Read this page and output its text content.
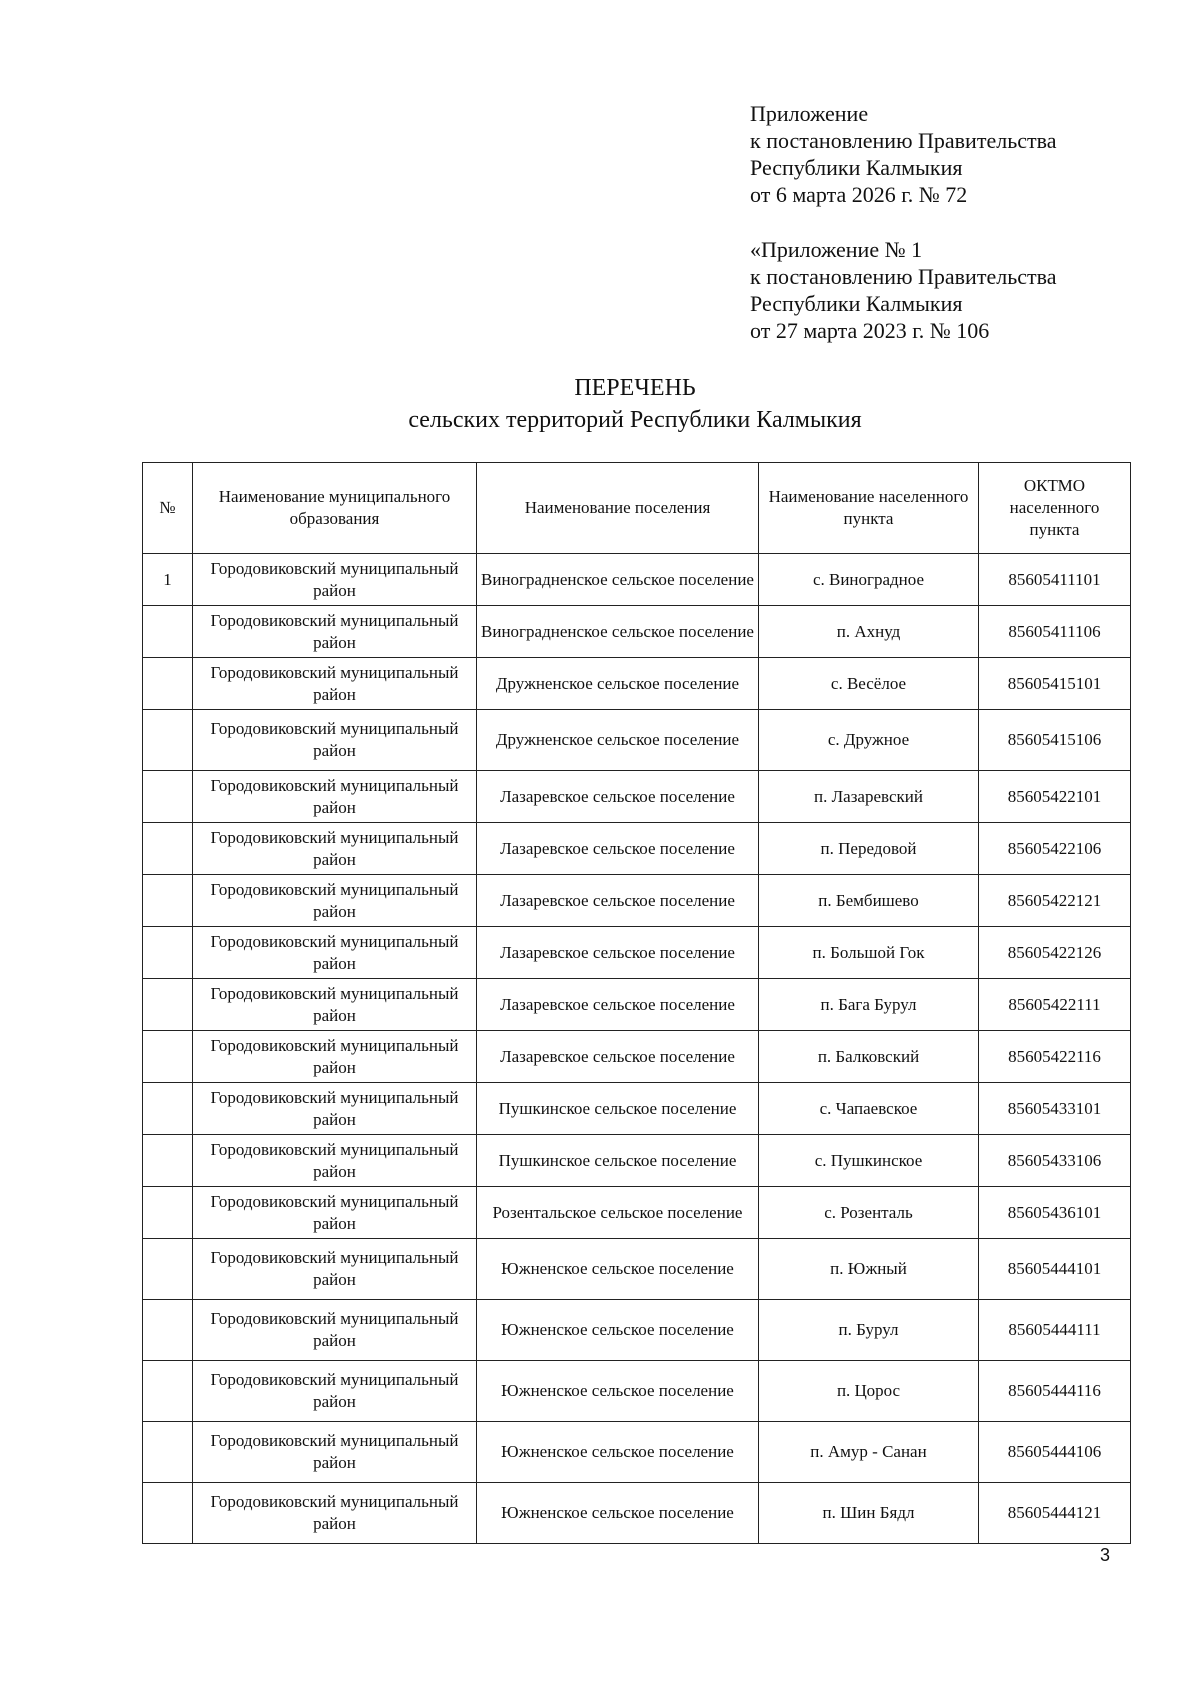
Приложение
к постановлению Правительства
Республики Калмыкия
от 6 марта 2026 г. № 72
«Приложение № 1
к постановлению Правительства
Республики Калмыкия
от 27 марта 2023 г. № 106
ПЕРЕЧЕНЬ
сельских территорий Республики Калмыкия
№	Наименование муниципального образования	Наименование поселения	Наименование населенного пункта	ОКТМО населенного пункта
1	Городовиковский муниципальный район	Виноградненское сельское поселение	с. Виноградное	85605411101
	Городовиковский муниципальный район	Виноградненское сельское поселение	п. Ахнуд	85605411106
	Городовиковский муниципальный район	Дружненское сельское поселение	с. Весёлое	85605415101
	Городовиковский муниципальный район	Дружненское сельское поселение	с. Дружное	85605415106
	Городовиковский муниципальный район	Лазаревское сельское поселение	п. Лазаревский	85605422101
	Городовиковский муниципальный район	Лазаревское сельское поселение	п. Передовой	85605422106
	Городовиковский муниципальный район	Лазаревское сельское поселение	п. Бембишево	85605422121
	Городовиковский муниципальный район	Лазаревское сельское поселение	п. Большой Гок	85605422126
	Городовиковский муниципальный район	Лазаревское сельское поселение	п. Бага Бурул	85605422111
	Городовиковский муниципальный район	Лазаревское сельское поселение	п. Балковский	85605422116
	Городовиковский муниципальный район	Пушкинское сельское поселение	с. Чапаевское	85605433101
	Городовиковский муниципальный район	Пушкинское сельское поселение	с. Пушкинское	85605433106
	Городовиковский муниципальный район	Розентальское сельское поселение	с. Розенталь	85605436101
	Городовиковский муниципальный район	Южненское сельское поселение	п. Южный	85605444101
	Городовиковский муниципальный район	Южненское сельское поселение	п. Бурул	85605444111
	Городовиковский муниципальный район	Южненское сельское поселение	п. Цорос	85605444116
	Городовиковский муниципальный район	Южненское сельское поселение	п. Амур - Санан	85605444106
	Городовиковский муниципальный район	Южненское сельское поселение	п. Шин Бядл	85605444121
3
